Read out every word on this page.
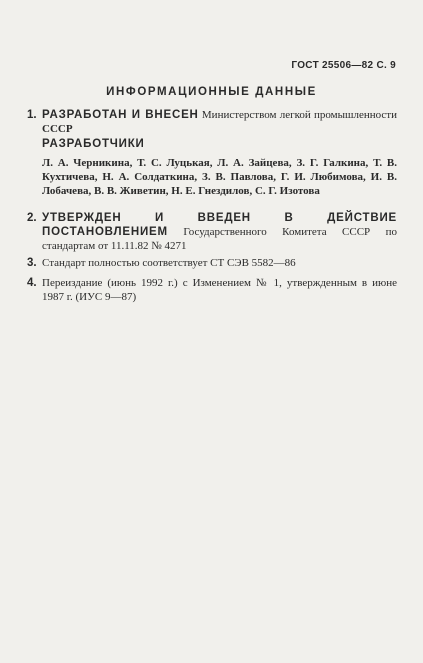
ГОСТ 25506—82 С. 9
ИНФОРМАЦИОННЫЕ ДАННЫЕ
1. РАЗРАБОТАН И ВНЕСЕН Министерством легкой промышленности СССР
РАЗРАБОТЧИКИ
Л. А. Черникина, Т. С. Луцькая, Л. А. Зайцева, З. Г. Галкина, Т. В. Кухтичева, Н. А. Солдаткина, З. В. Павлова, Г. И. Любимова, И. В. Лобачева, В. В. Живетин, Н. Е. Гнездилов, С. Г. Изотова
2. УТВЕРЖДЕН И ВВЕДЕН В ДЕЙСТВИЕ ПОСТАНОВЛЕНИЕМ Государственного Комитета СССР по стандартам от 11.11.82 № 4271
3. Стандарт полностью соответствует СТ СЭВ 5582—86
4. Переиздание (июнь 1992 г.) с Изменением № 1, утвержденным в июне 1987 г. (ИУС 9—87)
